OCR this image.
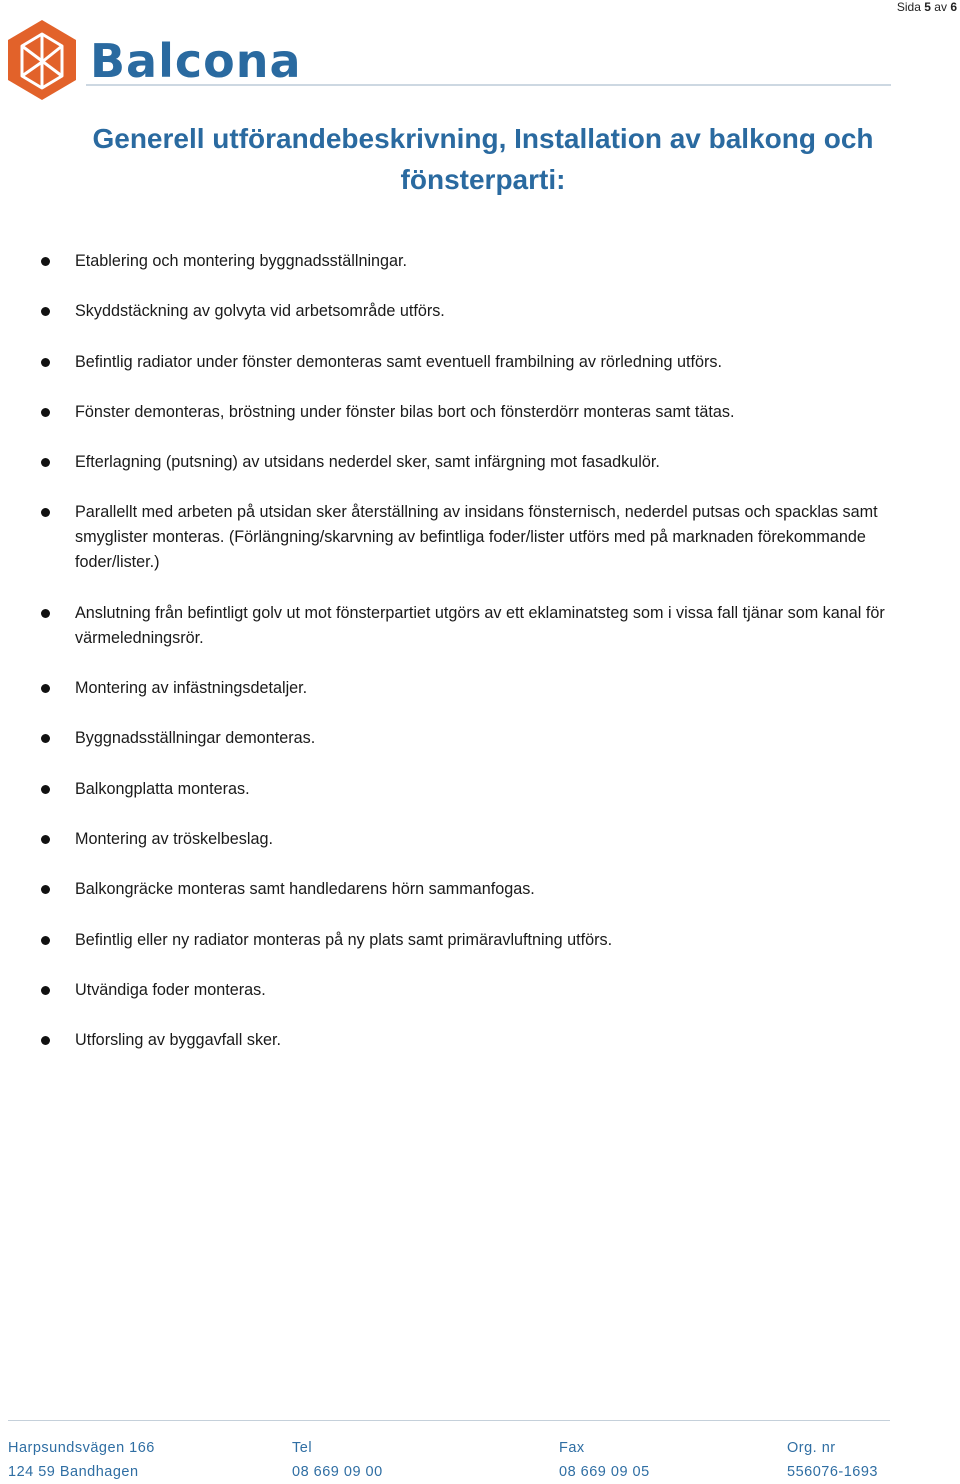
Sida 5 av 6
Balcona
Generell utförandebeskrivning, Installation av balkong och
fönsterparti:
Etablering och montering byggnadsställningar.
Skyddstäckning av golvyta vid arbetsområde utförs.
Befintlig radiator under fönster demonteras samt eventuell frambilning av rörledning utförs.
Fönster demonteras, bröstning under fönster bilas bort och fönsterdörr monteras samt tätas.
Efterlagning (putsning) av utsidans nederdel sker, samt infärgning mot fasadkulör.
Parallellt med arbeten på utsidan sker återställning av insidans fönsternisch, nederdel putsas och spacklas samt smyglister monteras. (Förlängning/skarvning av befintliga foder/lister utförs med på marknaden förekommande foder/lister.)
Anslutning från befintligt golv ut mot fönsterpartiet utgörs av ett eklaminatsteg som i vissa fall tjänar som kanal för värmeledningsrör.
Montering av infästningsdetaljer.
Byggnadsställningar demonteras.
Balkongplatta monteras.
Montering av tröskelbeslag.
Balkongräcke monteras samt handledarens hörn sammanfogas.
Befintlig eller ny radiator monteras på ny plats samt primäravluftning utförs.
Utvändiga foder monteras.
Utforsling av byggavfall sker.
Harpsundsvägen 166
124 59 Bandhagen
Tel
08 669 09 00
Fax
08 669 09 05
Org. nr
556076-1693
